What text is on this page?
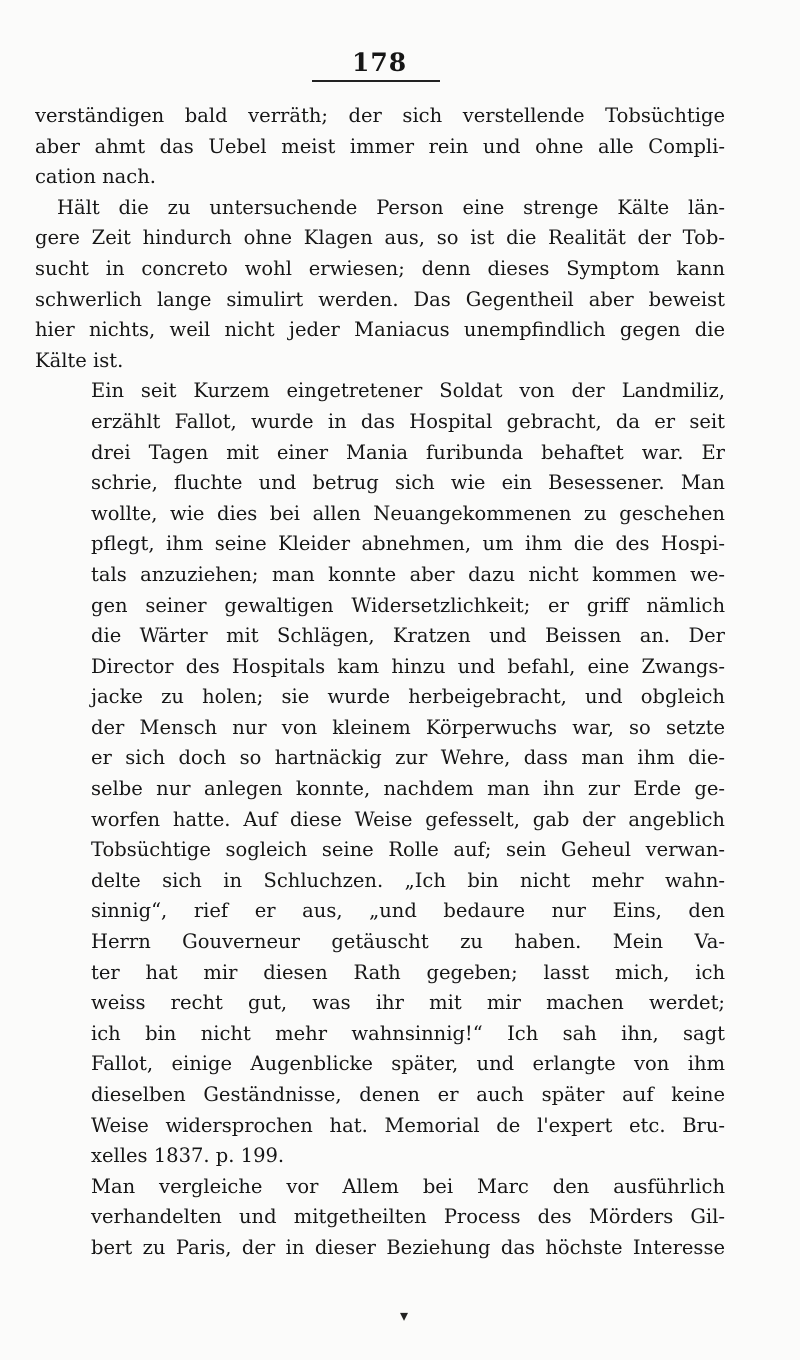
178
verständigen bald verräth; der sich verstellende Tobsüchtige
aber ahmt das Uebel meist immer rein und ohne alle Compli-
cation nach.
Hält die zu untersuchende Person eine strenge Kälte län-
gere Zeit hindurch ohne Klagen aus, so ist die Realität der Tob-
sucht in concreto wohl erwiesen; denn dieses Symptom kann
schwerlich lange simulirt werden. Das Gegentheil aber beweist
hier nichts, weil nicht jeder Maniacus unempfindlich gegen die
Kälte ist.
Ein seit Kurzem eingetretener Soldat von der Landmiliz,
erzählt Fallot, wurde in das Hospital gebracht, da er seit
drei Tagen mit einer Mania furibunda behaftet war. Er
schrie, fluchte und betrug sich wie ein Besessener. Man
wollte, wie dies bei allen Neuangekommenen zu geschehen
pflegt, ihm seine Kleider abnehmen, um ihm die des Hospi-
tals anzuziehen; man konnte aber dazu nicht kommen we-
gen seiner gewaltigen Widersetzlichkeit; er griff nämlich
die Wärter mit Schlägen, Kratzen und Beissen an. Der
Director des Hospitals kam hinzu und befahl, eine Zwangs-
jacke zu holen; sie wurde herbeigebracht, und obgleich
der Mensch nur von kleinem Körperwuchs war, so setzte
er sich doch so hartnäckig zur Wehre, dass man ihm die-
selbe nur anlegen konnte, nachdem man ihn zur Erde ge-
worfen hatte. Auf diese Weise gefesselt, gab der angeblich
Tobsüchtige sogleich seine Rolle auf; sein Geheul verwan-
delte sich in Schluchzen. „Ich bin nicht mehr wahn-
sinnig“, rief er aus, „und bedaure nur Eins, den
Herrn Gouverneur getäuscht zu haben. Mein Va-
ter hat mir diesen Rath gegeben; lasst mich, ich
weiss recht gut, was ihr mit mir machen werdet;
ich bin nicht mehr wahnsinnig!“ Ich sah ihn, sagt
Fallot, einige Augenblicke später, und erlangte von ihm
dieselben Geständnisse, denen er auch später auf keine
Weise widersprochen hat. Memorial de l'expert etc. Bru-
xelles 1837. p. 199.
Man vergleiche vor Allem bei Marc den ausführlich
verhandelten und mitgetheilten Process des Mörders Gil-
bert zu Paris, der in dieser Beziehung das höchste Interesse
▾
